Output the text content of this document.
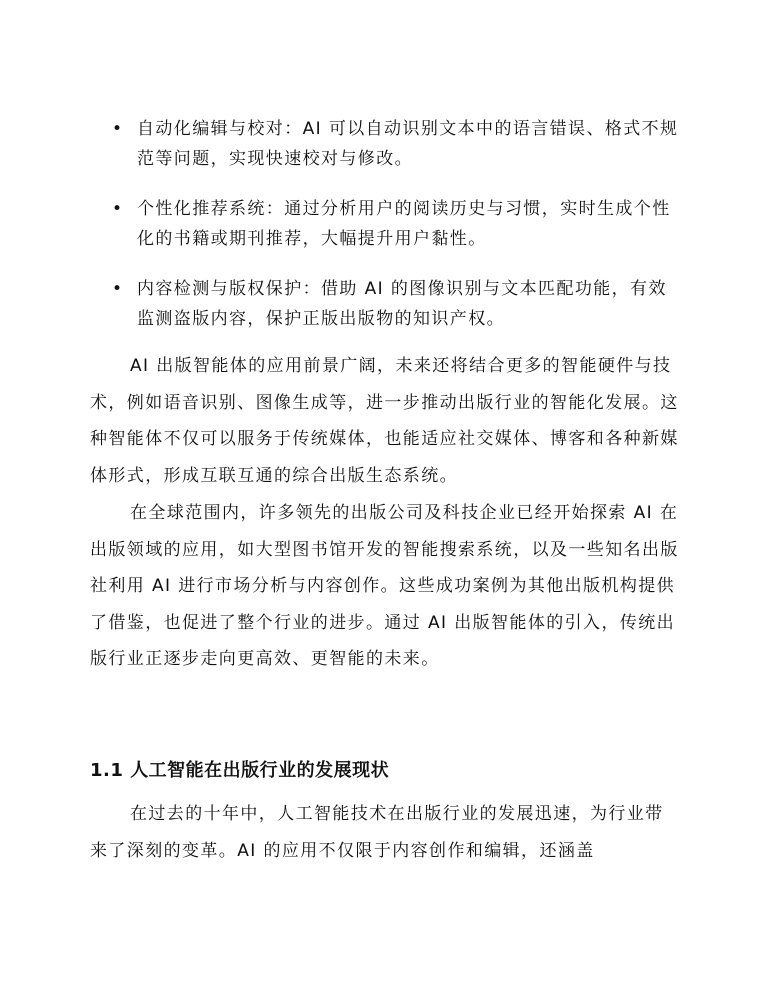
• 自动化编辑与校对：AI 可以自动识别文本中的语言错误、格式不规范等问题，实现快速校对与修改。
• 个性化推荐系统：通过分析用户的阅读历史与习惯，实时生成个性化的书籍或期刊推荐，大幅提升用户黏性。
• 内容检测与版权保护：借助 AI 的图像识别与文本匹配功能，有效监测盗版内容，保护正版出版物的知识产权。

AI 出版智能体的应用前景广阔，未来还将结合更多的智能硬件与技术，例如语音识别、图像生成等，进一步推动出版行业的智能化发展。这种智能体不仅可以服务于传统媒体，也能适应社交媒体、博客和各种新媒体形式，形成互联互通的综合出版生态系统。

在全球范围内，许多领先的出版公司及科技企业已经开始探索 AI 在出版领域的应用，如大型图书馆开发的智能搜索系统，以及一些知名出版社利用 AI 进行市场分析与内容创作。这些成功案例为其他出版机构提供了借鉴，也促进了整个行业的进步。通过 AI 出版智能体的引入，传统出版行业正逐步走向更高效、更智能的未来。

1.1 人工智能在出版行业的发展现状

在过去的十年中，人工智能技术在出版行业的发展迅速，为行业带来了深刻的变革。AI 的应用不仅限于内容创作和编辑，还涵盖
